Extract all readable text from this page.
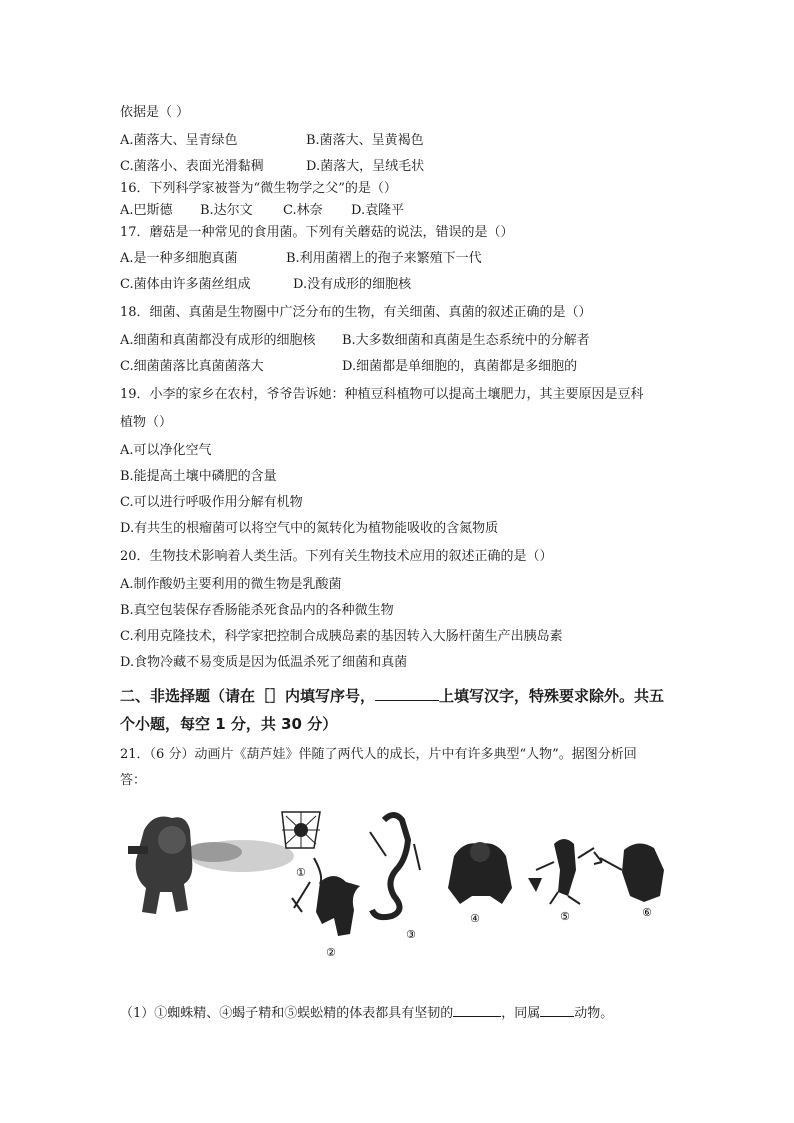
依据是（ ）
A.菌落大、呈青绿色	B.菌落大、呈黄褐色
C.菌落小、表面光滑黏稠	D.菌落大，呈绒毛状
16．下列科学家被誉为“微生物学之父”的是（）
A.巴斯德 B.达尔文 C.林奈 D.袁隆平
17．蘑菇是一种常见的食用菌。下列有关蘑菇的说法，错误的是（）
A.是一种多细胞真菌	B.利用菌褶上的孢子来繁殖下一代
C.菌体由许多菌丝组成	D.没有成形的细胞核
18．细菌、真菌是生物圈中广泛分布的生物，有关细菌、真菌的叙述正确的是（）
A.细菌和真菌都没有成形的细胞核 B.大多数细菌和真菌是生态系统中的分解者
C.细菌菌落比真菌菌落大	D.细菌都是单细胞的，真菌都是多细胞的
19．小李的家乡在农村，爷爷告诉她：种植豆科植物可以提高土壤肥力，其主要原因是豆科
植物（）
A.可以净化空气
B.能提高土壤中磷肥的含量
C.可以进行呼吸作用分解有机物
D.有共生的根瘤菌可以将空气中的氮转化为植物能吸收的含氮物质
20．生物技术影响着人类生活。下列有关生物技术应用的叙述正确的是（）
A.制作酸奶主要利用的微生物是乳酸菌
B.真空包装保存香肠能杀死食品内的各种微生物
C.利用克隆技术，科学家把控制合成胰岛素的基因转入大肠杆菌生产出胰岛素
D.食物冷藏不易变质是因为低温杀死了细菌和真菌
二、非选择题（请在［］内填写序号，	上填写汉字，特殊要求除外。共五
个小题，每空 1 分，共 30 分）
21．（6 分）动画片《葫芦娃》伴随了两代人的成长，片中有许多典型“人物”。据图分析回
答：
①
②
③
④	⑤	⑥
（1）①蜘蛛精、④蝎子精和⑤蜈蚣精的体表都具有坚韧的	，同属	动物。
